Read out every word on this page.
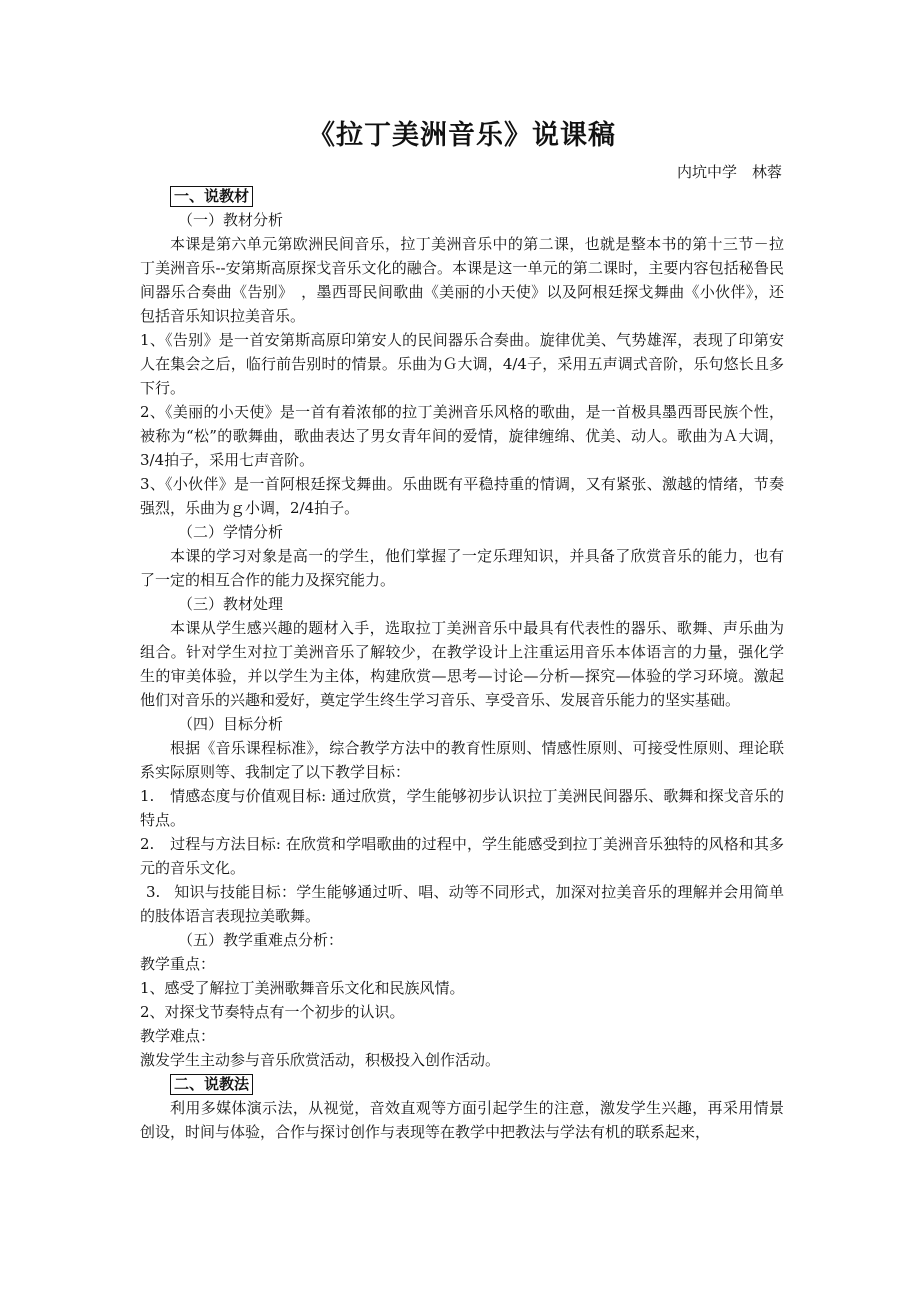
《拉丁美洲音乐》说课稿

内坑中学　林蓉

一、说教材

（一）教材分析

本课是第六单元第欧洲民间音乐，拉丁美洲音乐中的第二课，也就是整本书的第十三节－拉丁美洲音乐--安第斯高原探戈音乐文化的融合。本课是这一单元的第二课时，主要内容包括秘鲁民间器乐合奏曲《告别》　，墨西哥民间歌曲《美丽的小天使》以及阿根廷探戈舞曲《小伙伴》，还包括音乐知识拉美音乐。

1、《告别》是一首安第斯高原印第安人的民间器乐合奏曲。旋律优美、气势雄浑，表现了印第安人在集会之后，临行前告别时的情景。乐曲为Ｇ大调，4/4子，采用五声调式音阶，乐句悠长且多下行。

2、《美丽的小天使》是一首有着浓郁的拉丁美洲音乐风格的歌曲，是一首极具墨西哥民族个性，被称为“松”的歌舞曲，歌曲表达了男女青年间的爱情，旋律缠绵、优美、动人。歌曲为Ａ大调，3/4拍子，采用七声音阶。

3、《小伙伴》是一首阿根廷探戈舞曲。乐曲既有平稳持重的情调，又有紧张、激越的情绪，节奏强烈，乐曲为ｇ小调，2/4拍子。

（二）学情分析

本课的学习对象是高一的学生，他们掌握了一定乐理知识，并具备了欣赏音乐的能力，也有了一定的相互合作的能力及探究能力。

（三）教材处理

本课从学生感兴趣的题材入手，选取拉丁美洲音乐中最具有代表性的器乐、歌舞、声乐曲为组合。针对学生对拉丁美洲音乐了解较少，在教学设计上注重运用音乐本体语言的力量，强化学生的审美体验，并以学生为主体，构建欣赏—思考—讨论—分析—探究—体验的学习环境。激起他们对音乐的兴趣和爱好，奠定学生终生学习音乐、享受音乐、发展音乐能力的坚实基础。

（四）目标分析

根据《音乐课程标准》，综合教学方法中的教育性原则、情感性原则、可接受性原则、理论联系实际原则等、我制定了以下教学目标：

1. 情感态度与价值观目标: 通过欣赏，学生能够初步认识拉丁美洲民间器乐、歌舞和探戈音乐的特点。

2. 过程与方法目标: 在欣赏和学唱歌曲的过程中，学生能感受到拉丁美洲音乐独特的风格和其多元的音乐文化。

3. 知识与技能目标：学生能够通过听、唱、动等不同形式，加深对拉美音乐的理解并会用简单的肢体语言表现拉美歌舞。

（五）教学重难点分析：

教学重点：

1、感受了解拉丁美洲歌舞音乐文化和民族风情。

2、对探戈节奏特点有一个初步的认识。

教学难点：

激发学生主动参与音乐欣赏活动，积极投入创作活动。

二、说教法

利用多媒体演示法，从视觉，音效直观等方面引起学生的注意，激发学生兴趣，再采用情景创设，时间与体验，合作与探讨创作与表现等在教学中把教法与学法有机的联系起来，
